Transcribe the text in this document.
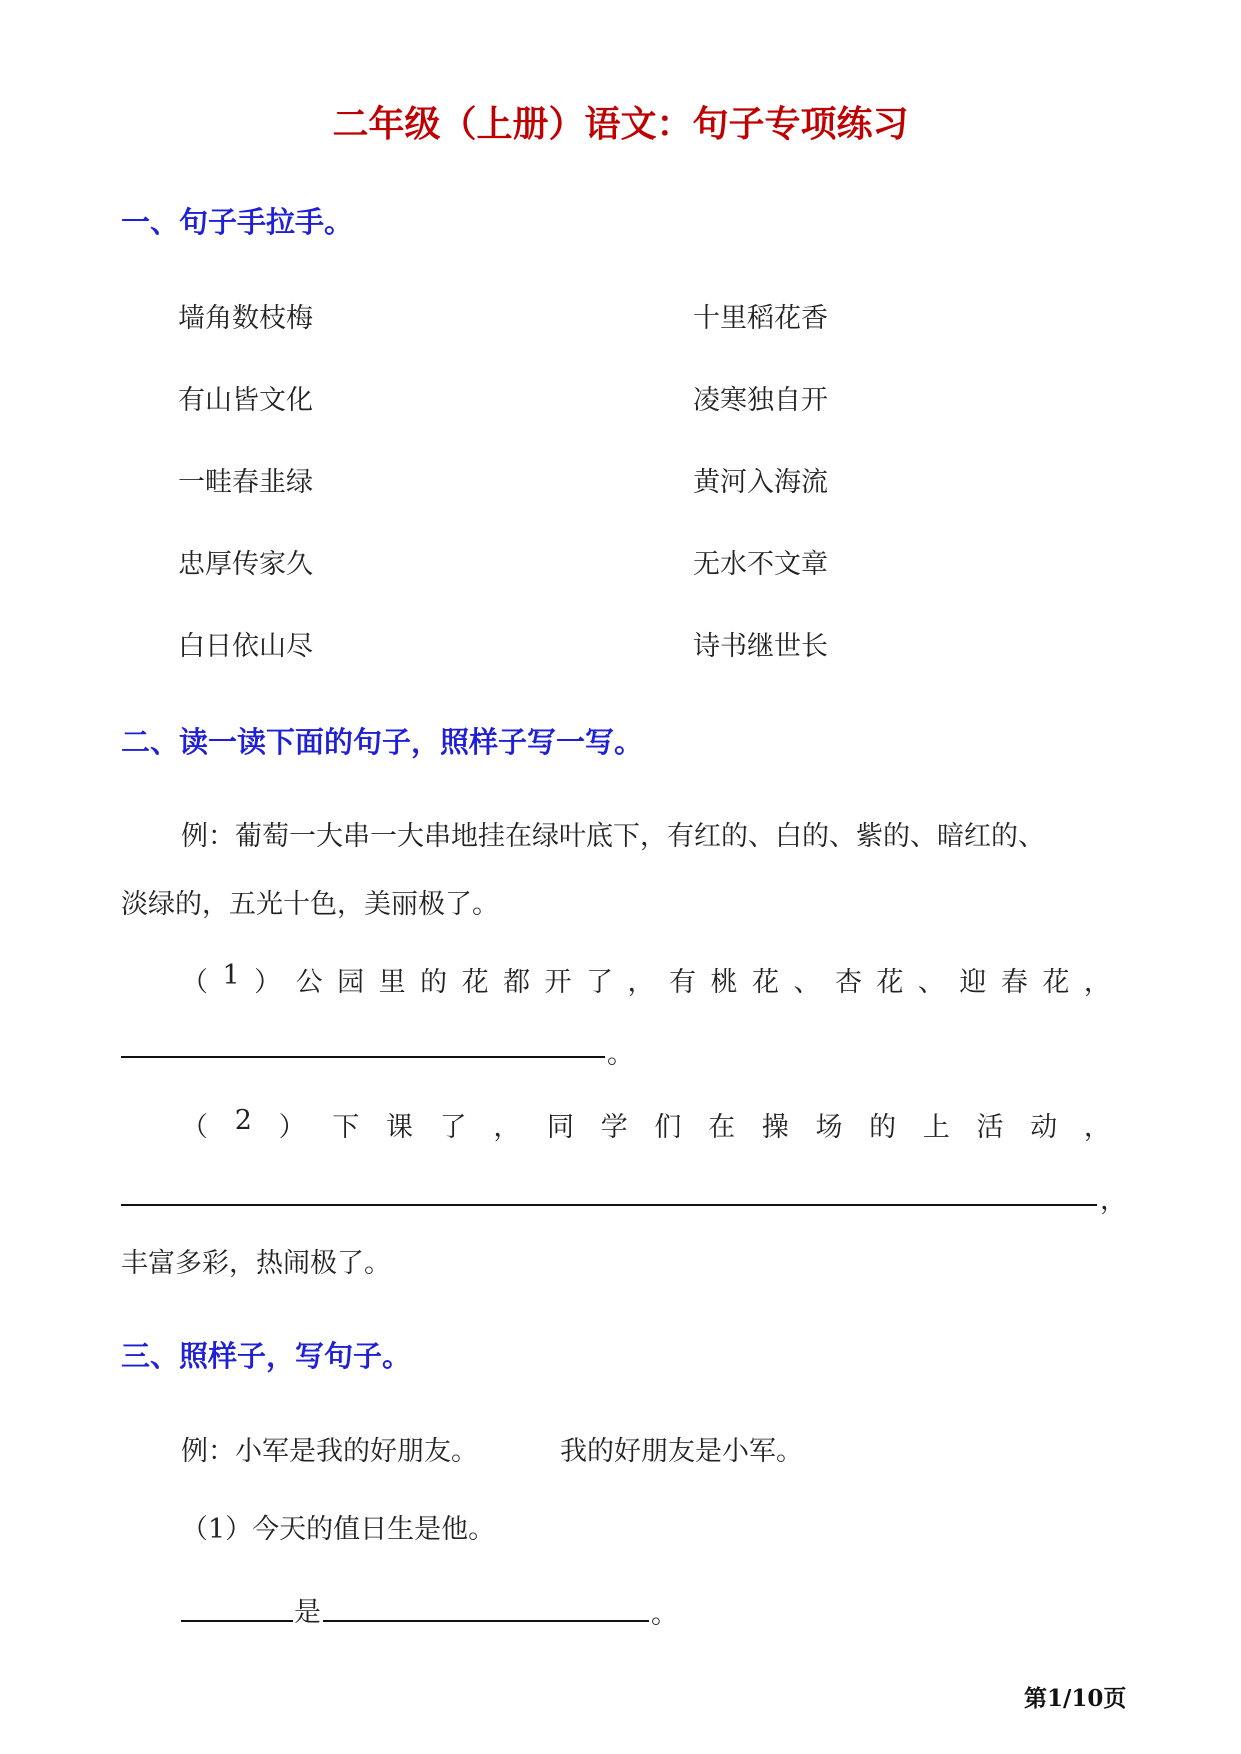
二年级（上册）语文：句子专项练习
一、句子手拉手。
墙角数枝梅
有山皆文化
一畦春韭绿
忠厚传家久
白日依山尽
十里稻花香
凌寒独自开
黄河入海流
无水不文章
诗书继世长
二、读一读下面的句子，照样子写一写。
例：葡萄一大串一大串地挂在绿叶底下，有红的、白的、紫的、暗红的、
淡绿的，五光十色，美丽极了。
（ 1 ） 公 园 里 的 花 都 开 了 ， 有 桃 花 、 杏 花 、 迎 春 花 ，
。
（ 2 ） 下 课 了 ， 同 学 们 在 操 场 的 上 活 动 ，
，
丰富多彩，热闹极了。
三、照样子，写句子。
例：小军是我的好朋友。	我的好朋友是小军。
（1）今天的值日生是他。
是	。
第1/10页
